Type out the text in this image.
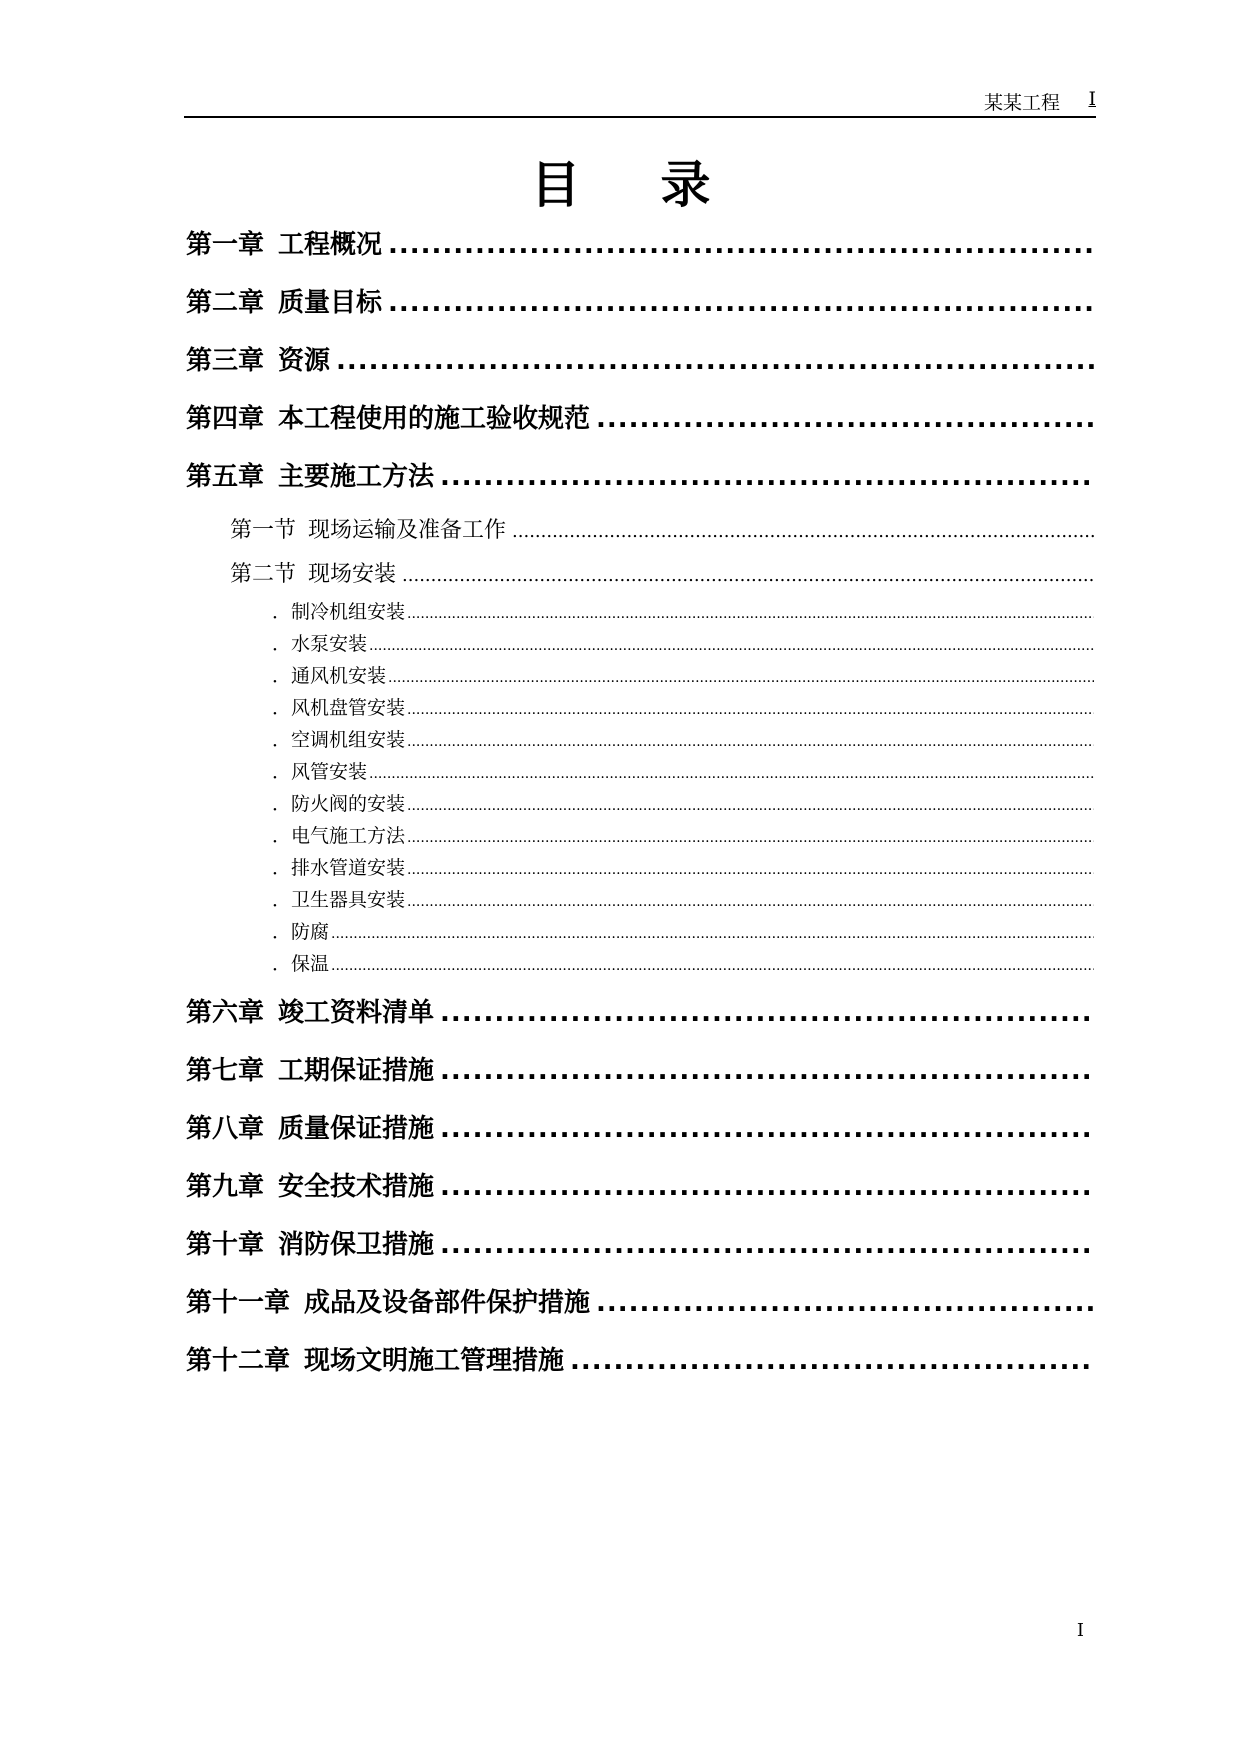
某某工程 I
目录
第一章 工程概况
.....
第二章 质量目标
.....
第三章 资源
.....
第四章 本工程使用的施工验收规范
.....
第五章 主要施工方法
.....
第一节 现场运输及准备工作
.....
第二节 现场安装
.....
．制冷机组安装
.....
．水泵安装
.....
．通风机安装
.....
．风机盘管安装
.....
．空调机组安装
.....
．风管安装
.....
．防火阀的安装
.....
．电气施工方法
.....
．排水管道安装
.....
．卫生器具安装
.....
．防腐
.....
．保温
.....
第六章 竣工资料清单
.....
第七章 工期保证措施
.....
第八章 质量保证措施
.....
第九章 安全技术措施
.....
第十章 消防保卫措施
.....
第十一章 成品及设备部件保护措施
.....
第十二章 现场文明施工管理措施
.....
I
